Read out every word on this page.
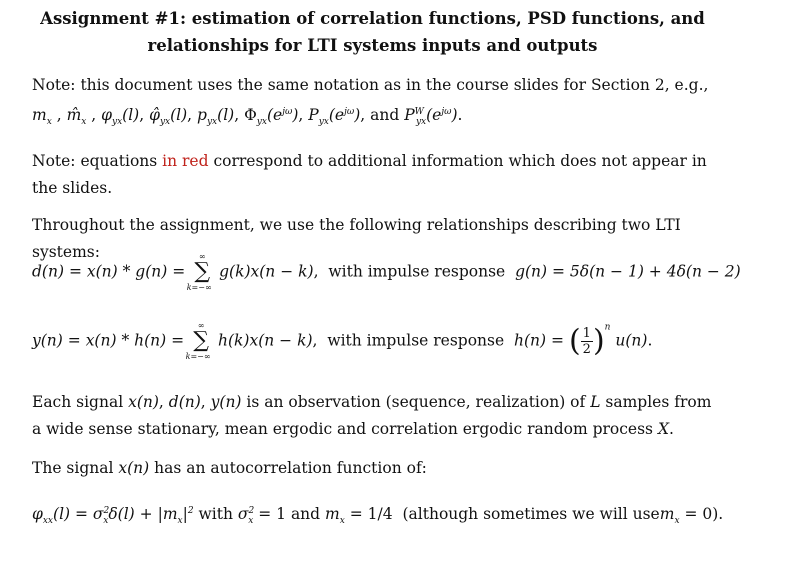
Assignment #1: estimation of correlation functions, PSD functions, and
relationships for LTI systems inputs and outputs
Note: this document uses the same notation as in the course slides for Section 2, e.g., $m_x$ , $m̂_x$ , $\varphi_{yx}(l)$, $\varphî_{yx}(l)$, $p_{yx}(l)$, $\Phi_{yx}(e^{j\omega})$, $P_{yx}(e^{j\omega})$, and $P^W_{yx}(e^{j\omega})$.
Note: equations in red correspond to additional information which does not appear in the slides.
Throughout the assignment, we use the following relationships describing two LTI systems:
d(n) = x(n) * g(n) =
∞
∑
k=−∞
g(k)x(n − k),  with impulse response g(n) = 5δ(n − 1) + 4δ(n − 2)
y(n) = x(n) * h(n) =
∞
∑
k=−∞
h(k)x(n − k),  with impulse response h(n) = ( $\frac{1}{2} )^n$ u(n).
Each signal x(n), d(n), y(n) is an observation (sequence, realization) of L samples from a wide sense stationary, mean ergodic and correlation ergodic random process X.
The signal x(n) has an autocorrelation function of:
$\varphi_{xx}(l) = \sigma^2_x\delta(l) + |m_x|^2$ with $\sigma^2_x = 1$ and $m_x = 1/4$ (although sometimes we will usem$_x$ = 0).
